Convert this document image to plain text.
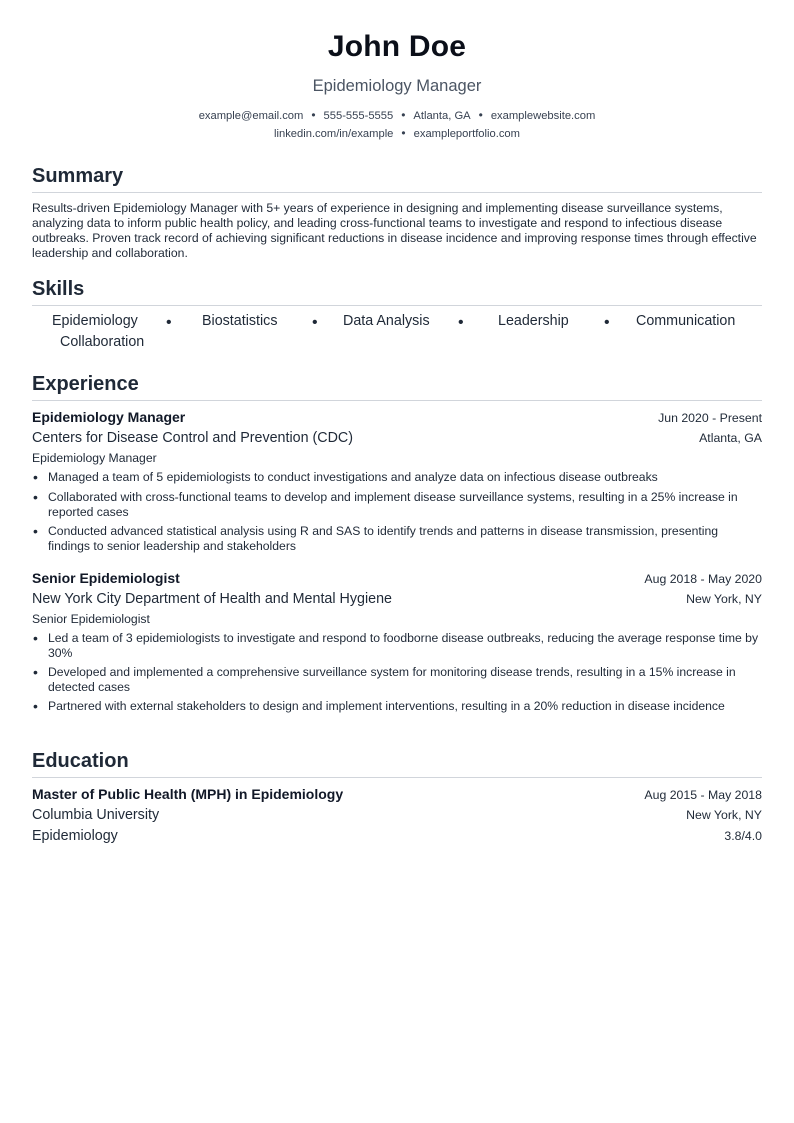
John Doe
Epidemiology Manager
example@email.com • 555-555-5555 • Atlanta, GA • examplewebsite.com
linkedin.com/in/example • exampleportfolio.com
Summary
Results-driven Epidemiology Manager with 5+ years of experience in designing and implementing disease surveillance systems, analyzing data to inform public health policy, and leading cross-functional teams to investigate and respond to infectious disease outbreaks. Proven track record of achieving significant reductions in disease incidence and improving response times through effective leadership and collaboration.
Skills
Epidemiology • Biostatistics • Data Analysis • Leadership • Communication
Collaboration
Experience
Epidemiology Manager	Jun 2020 - Present
Centers for Disease Control and Prevention (CDC)	Atlanta, GA
Epidemiology Manager
• Managed a team of 5 epidemiologists to conduct investigations and analyze data on infectious disease outbreaks
• Collaborated with cross-functional teams to develop and implement disease surveillance systems, resulting in a 25% increase in reported cases
• Conducted advanced statistical analysis using R and SAS to identify trends and patterns in disease transmission, presenting findings to senior leadership and stakeholders
Senior Epidemiologist	Aug 2018 - May 2020
New York City Department of Health and Mental Hygiene	New York, NY
Senior Epidemiologist
• Led a team of 3 epidemiologists to investigate and respond to foodborne disease outbreaks, reducing the average response time by 30%
• Developed and implemented a comprehensive surveillance system for monitoring disease trends, resulting in a 15% increase in detected cases
• Partnered with external stakeholders to design and implement interventions, resulting in a 20% reduction in disease incidence
Education
Master of Public Health (MPH) in Epidemiology	Aug 2015 - May 2018
Columbia University	New York, NY
Epidemiology	3.8/4.0
